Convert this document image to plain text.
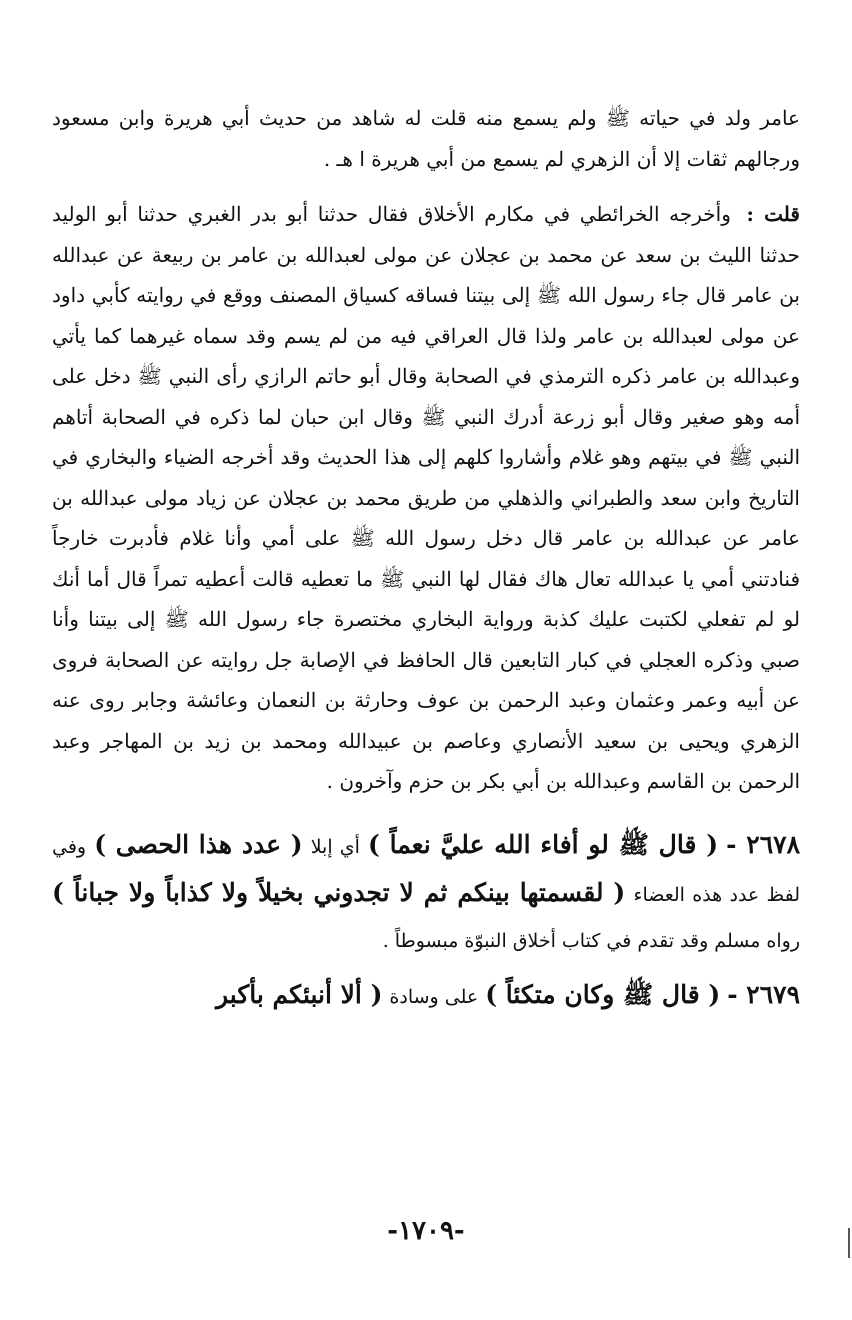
عامر ولد في حياته ﷺ ولم يسمع منه قلت له شاهد من حديث أبي هريرة وابن مسعود ورجالهم ثقات إلا أن الزهري لم يسمع من أبي هريرة ا هـ .

قلت : وأخرجه الخرائطي في مكارم الأخلاق فقال حدثنا أبو بدر الغبري حدثنا أبو الوليد حدثنا الليث بن سعد عن محمد بن عجلان عن مولى لعبدالله بن عامر بن ربيعة عن عبدالله بن عامر قال جاء رسول الله ﷺ إلى بيتنا فساقه كسياق المصنف ووقع في روايته كأبي داود عن مولى لعبدالله بن عامر ولذا قال العراقي فيه من لم يسم وقد سماه غيرهما كما يأتي وعبدالله بن عامر ذكره الترمذي في الصحابة وقال أبو حاتم الرازي رأى النبي ﷺ دخل على أمه وهو صغير وقال أبو زرعة أدرك النبي ﷺ وقال ابن حبان لما ذكره في الصحابة أتاهم النبي ﷺ في بيتهم وهو غلام وأشاروا كلهم إلى هذا الحديث وقد أخرجه الضياء والبخاري في التاريخ وابن سعد والطبراني والذهلي من طريق محمد بن عجلان عن زياد مولى عبدالله بن عامر عن عبدالله بن عامر قال دخل رسول الله ﷺ على أمي وأنا غلام فأدبرت خارجاً فنادتني أمي يا عبدالله تعال هاك فقال لها النبي ﷺ ما تعطيه قالت أعطيه تمراً قال أما أنك لو لم تفعلي لكتبت عليك كذبة ورواية البخاري مختصرة جاء رسول الله ﷺ إلى بيتنا وأنا صبي وذكره العجلي في كبار التابعين قال الحافظ في الإصابة جل روايته عن الصحابة فروى عن أبيه وعمر وعثمان وعبد الرحمن بن عوف وحارثة بن النعمان وعائشة وجابر روى عنه الزهري ويحيى بن سعيد الأنصاري وعاصم بن عبيدالله ومحمد بن زيد بن المهاجر وعبد الرحمن بن القاسم وعبدالله بن أبي بكر بن حزم وآخرون .

٢٦٧٨ - ( قال ﷺ لو أفاء الله عليَّ نعماً ) أي إبلا ( عدد هذا الحصى ) وفي لفظ عدد هذه العضاء ( لقسمتها بينكم ثم لا تجدوني بخيلاً ولا كذاباً ولا جباناً ) رواه مسلم وقد تقدم في كتاب أخلاق النبوّة مبسوطاً .

٢٦٧٩ - ( قال ﷺ وكان متكئاً ) على وسادة ( ألا أنبئكم بأكبر

-١٧٠٩-
